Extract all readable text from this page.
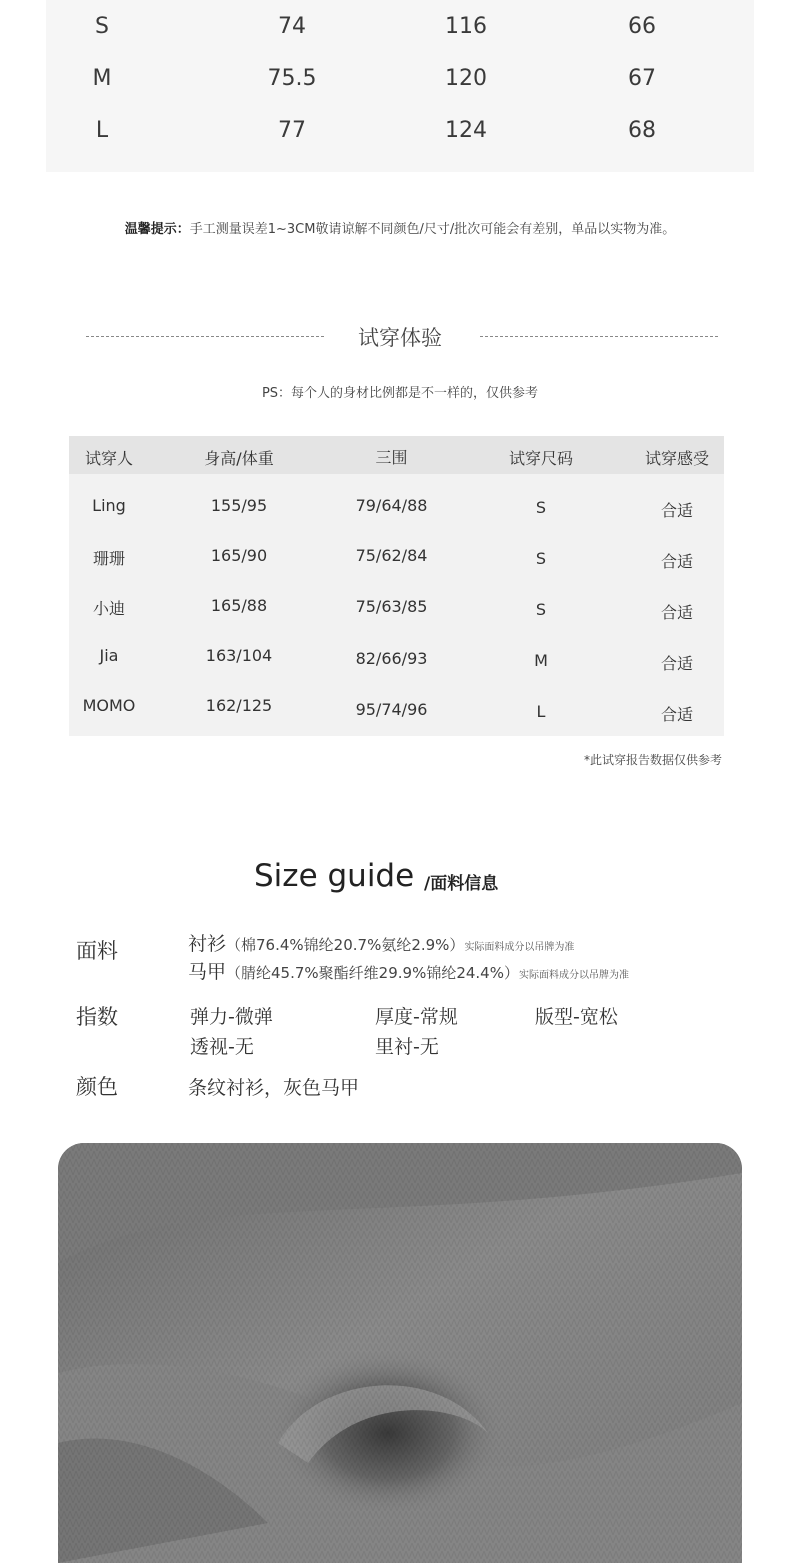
S	74	116	66
M	75.5	120	67
L	77	124	68
温馨提示：手工测量误差1~3CM敬请谅解不同颜色/尺寸/批次可能会有差别，单品以实物为准。
试穿体验
PS：每个人的身材比例都是不一样的，仅供参考
试穿人	身高/体重	三围	试穿尺码	试穿感受
Ling	155/95	79/64/88	S	合适
珊珊	165/90	75/62/84	S	合适
小迪	165/88	75/63/85	S	合适
Jia	163/104	82/66/93	M	合适
MOMO	162/125	95/74/96	L	合适
*此试穿报告数据仅供参考
Size guide /面料信息
面料	衬衫（棉76.4%锦纶20.7%氨纶2.9%）实际面料成分以吊牌为准
马甲（腈纶45.7%聚酯纤维29.9%锦纶24.4%）实际面料成分以吊牌为准
指数	弹力-微弹	厚度-常规	版型-宽松
透视-无	里衬-无
颜色	条纹衬衫，灰色马甲
